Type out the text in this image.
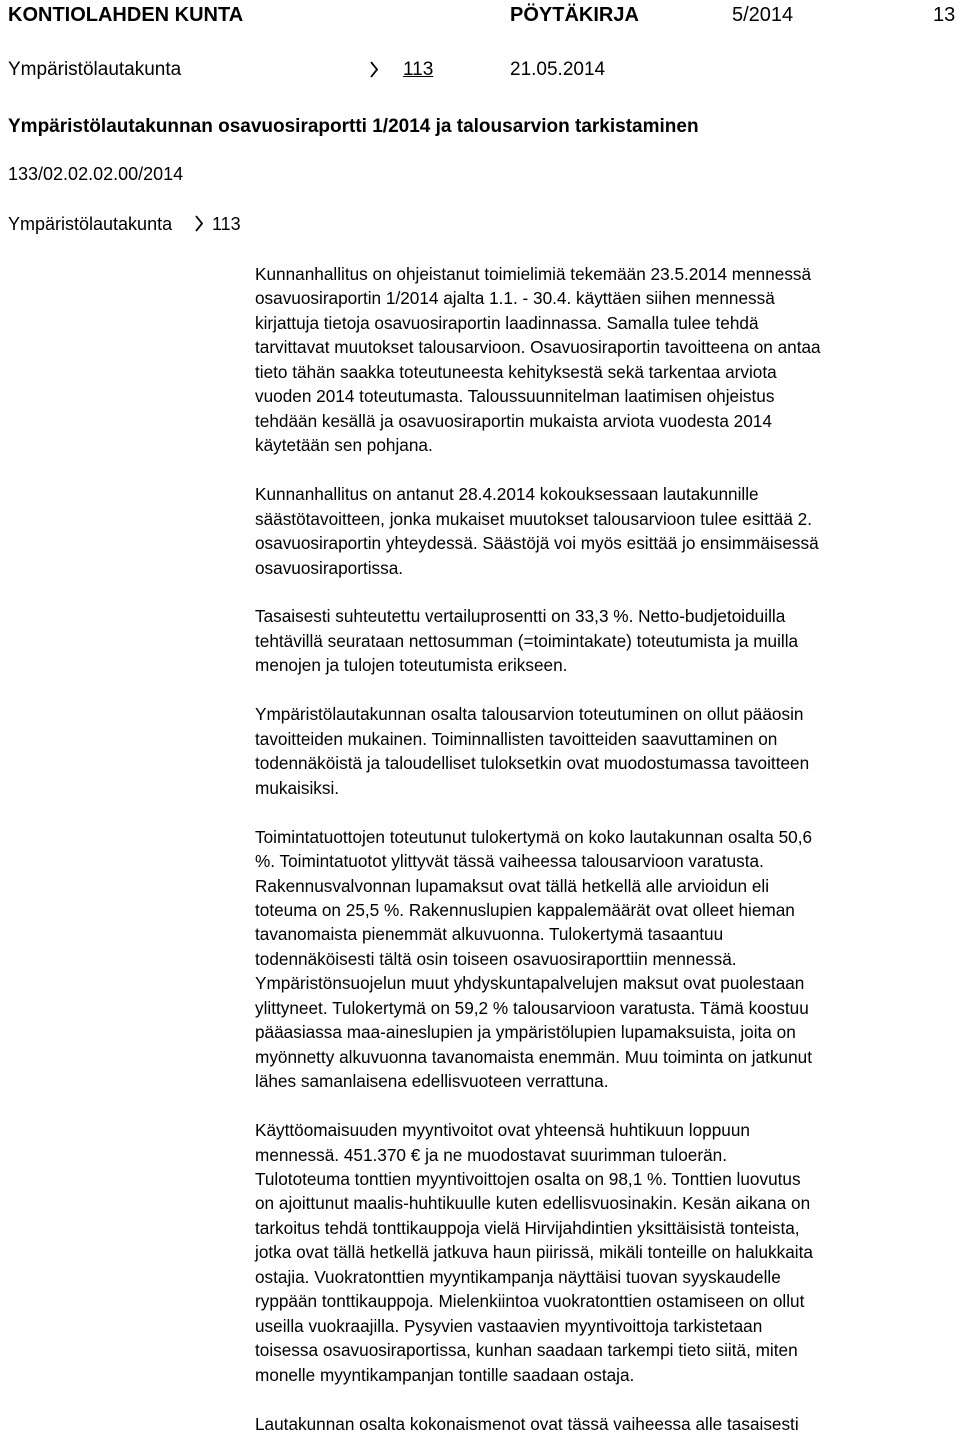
KONTIOLAHDEN KUNTA	PÖYTÄKIRJA	5/2014	13
Ympäristölautakunta	113	21.05.2014
Ympäristölautakunnan osavuosiraportti 1/2014 ja talousarvion tarkistaminen
133/02.02.02.00/2014
Ympäristölautakunta 113
Kunnanhallitus on ohjeistanut toimielimiä tekemään 23.5.2014 mennessä
osavuosiraportin 1/2014 ajalta 1.1. - 30.4. käyttäen siihen mennessä
kirjattuja tietoja osavuosiraportin laadinnassa. Samalla tulee tehdä
tarvittavat muutokset talousarvioon. Osavuosiraportin tavoitteena on antaa
tieto tähän saakka toteutuneesta kehityksestä sekä tarkentaa arviota
vuoden 2014 toteutumasta. Taloussuunnitelman laatimisen ohjeistus
tehdään kesällä ja osavuosiraportin mukaista arviota vuodesta 2014
käytetään sen pohjana.
Kunnanhallitus on antanut 28.4.2014 kokouksessaan lautakunnille
säästötavoitteen, jonka mukaiset muutokset talousarvioon tulee esittää 2.
osavuosiraportin yhteydessä. Säästöjä voi myös esittää jo ensimmäisessä
osavuosiraportissa.
Tasaisesti suhteutettu vertailuprosentti on 33,3 %. Netto-budjetoiduilla
tehtävillä seurataan nettosumman (=toimintakate) toteutumista ja muilla
menojen ja tulojen toteutumista erikseen.
Ympäristölautakunnan osalta talousarvion toteutuminen on ollut pääosin
tavoitteiden mukainen. Toiminnallisten tavoitteiden saavuttaminen on
todennäköistä ja taloudelliset tuloksetkin ovat muodostumassa tavoitteen
mukaisiksi.
Toimintatuottojen toteutunut tulokertymä on koko lautakunnan osalta 50,6
%. Toimintatuotot ylittyvät tässä vaiheessa talousarvioon varatusta.
Rakennusvalvonnan lupamaksut ovat tällä hetkellä alle arvioidun eli
toteuma on 25,5 %. Rakennuslupien kappalemäärät ovat olleet hieman
tavanomaista pienemmät alkuvuonna. Tulokertymä tasaantuu
todennäköisesti tältä osin toiseen osavuosiraporttiin mennessä.
Ympäristönsuojelun muut yhdyskuntapalvelujen maksut ovat puolestaan
ylittyneet. Tulokertymä on 59,2 % talousarvioon varatusta. Tämä koostuu
pääasiassa maa-aineslupien ja ympäristölupien lupamaksuista, joita on
myönnetty alkuvuonna tavanomaista enemmän. Muu toiminta on jatkunut
lähes samanlaisena edellisvuoteen verrattuna.
Käyttöomaisuuden myyntivoitot ovat yhteensä huhtikuun loppuun
mennessä. 451.370 € ja ne muodostavat suurimman tuloerän.
Tulototeuma tonttien myyntivoittojen osalta on 98,1 %. Tonttien luovutus
on ajoittunut maalis-huhtikuulle kuten edellisvuosinakin. Kesän aikana on
tarkoitus tehdä tonttikauppoja vielä Hirvijahdintien yksittäisistä tonteista,
jotka ovat tällä hetkellä jatkuva haun piirissä, mikäli tonteille on halukkaita
ostajia. Vuokratonttien myyntikampanja näyttäisi tuovan syyskaudelle
ryppään tonttikauppoja. Mielenkiintoa vuokratonttien ostamiseen on ollut
useilla vuokraajilla. Pysyvien vastaavien myyntivoittoja tarkistetaan
toisessa osavuosiraportissa, kunhan saadaan tarkempi tieto siitä, miten
monelle myyntikampanjan tontille saadaan ostaja.
Lautakunnan osalta kokonaismenot ovat tässä vaiheessa alle tasaisesti
